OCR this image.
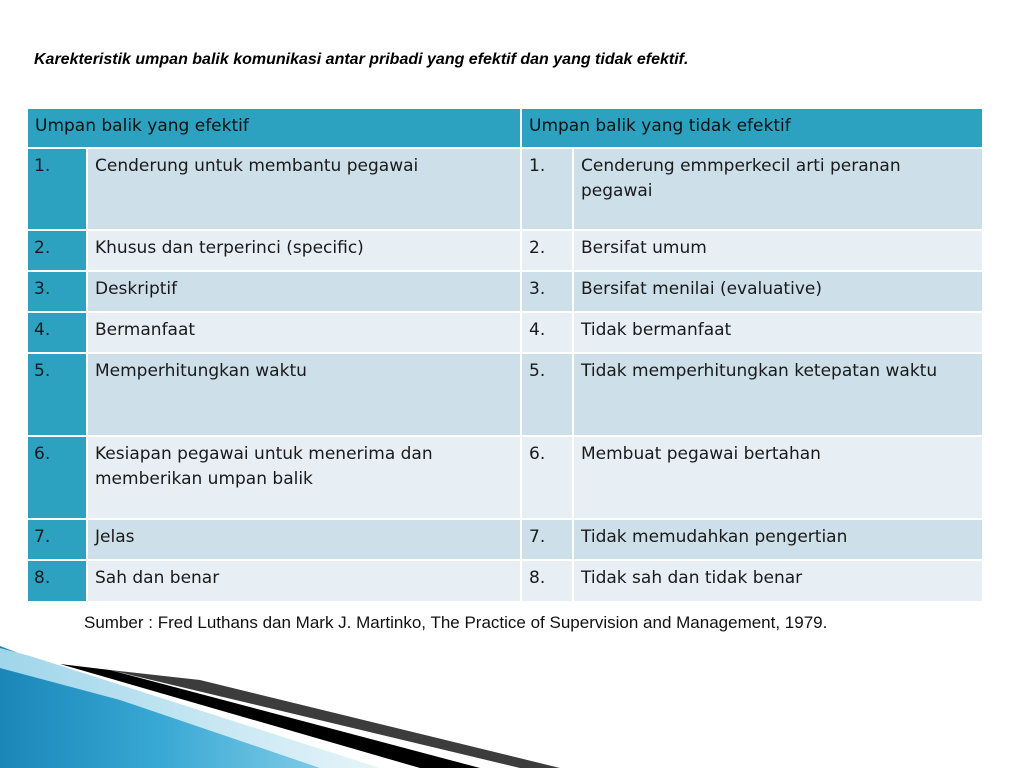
Karekteristik umpan balik komunikasi antar pribadi yang efektif dan yang tidak efektif.
Umpan balik yang efektif		Umpan balik yang tidak efektif	
1.	Cenderung untuk membantu pegawai	1.	Cenderung emmperkecil arti peranan pegawai
2.	Khusus dan terperinci (specific)	2.	Bersifat umum
3.	Deskriptif	3.	Bersifat menilai (evaluative)
4.	Bermanfaat	4.	Tidak bermanfaat
5.	Memperhitungkan waktu	5.	Tidak memperhitungkan ketepatan waktu
6.	Kesiapan pegawai untuk menerima dan memberikan umpan balik	6.	Membuat pegawai bertahan
7.	Jelas	7.	Tidak memudahkan pengertian
8.	Sah dan benar	8.	Tidak sah dan tidak benar
Sumber : Fred Luthans dan Mark J. Martinko, The Practice of Supervision and Management, 1979.
